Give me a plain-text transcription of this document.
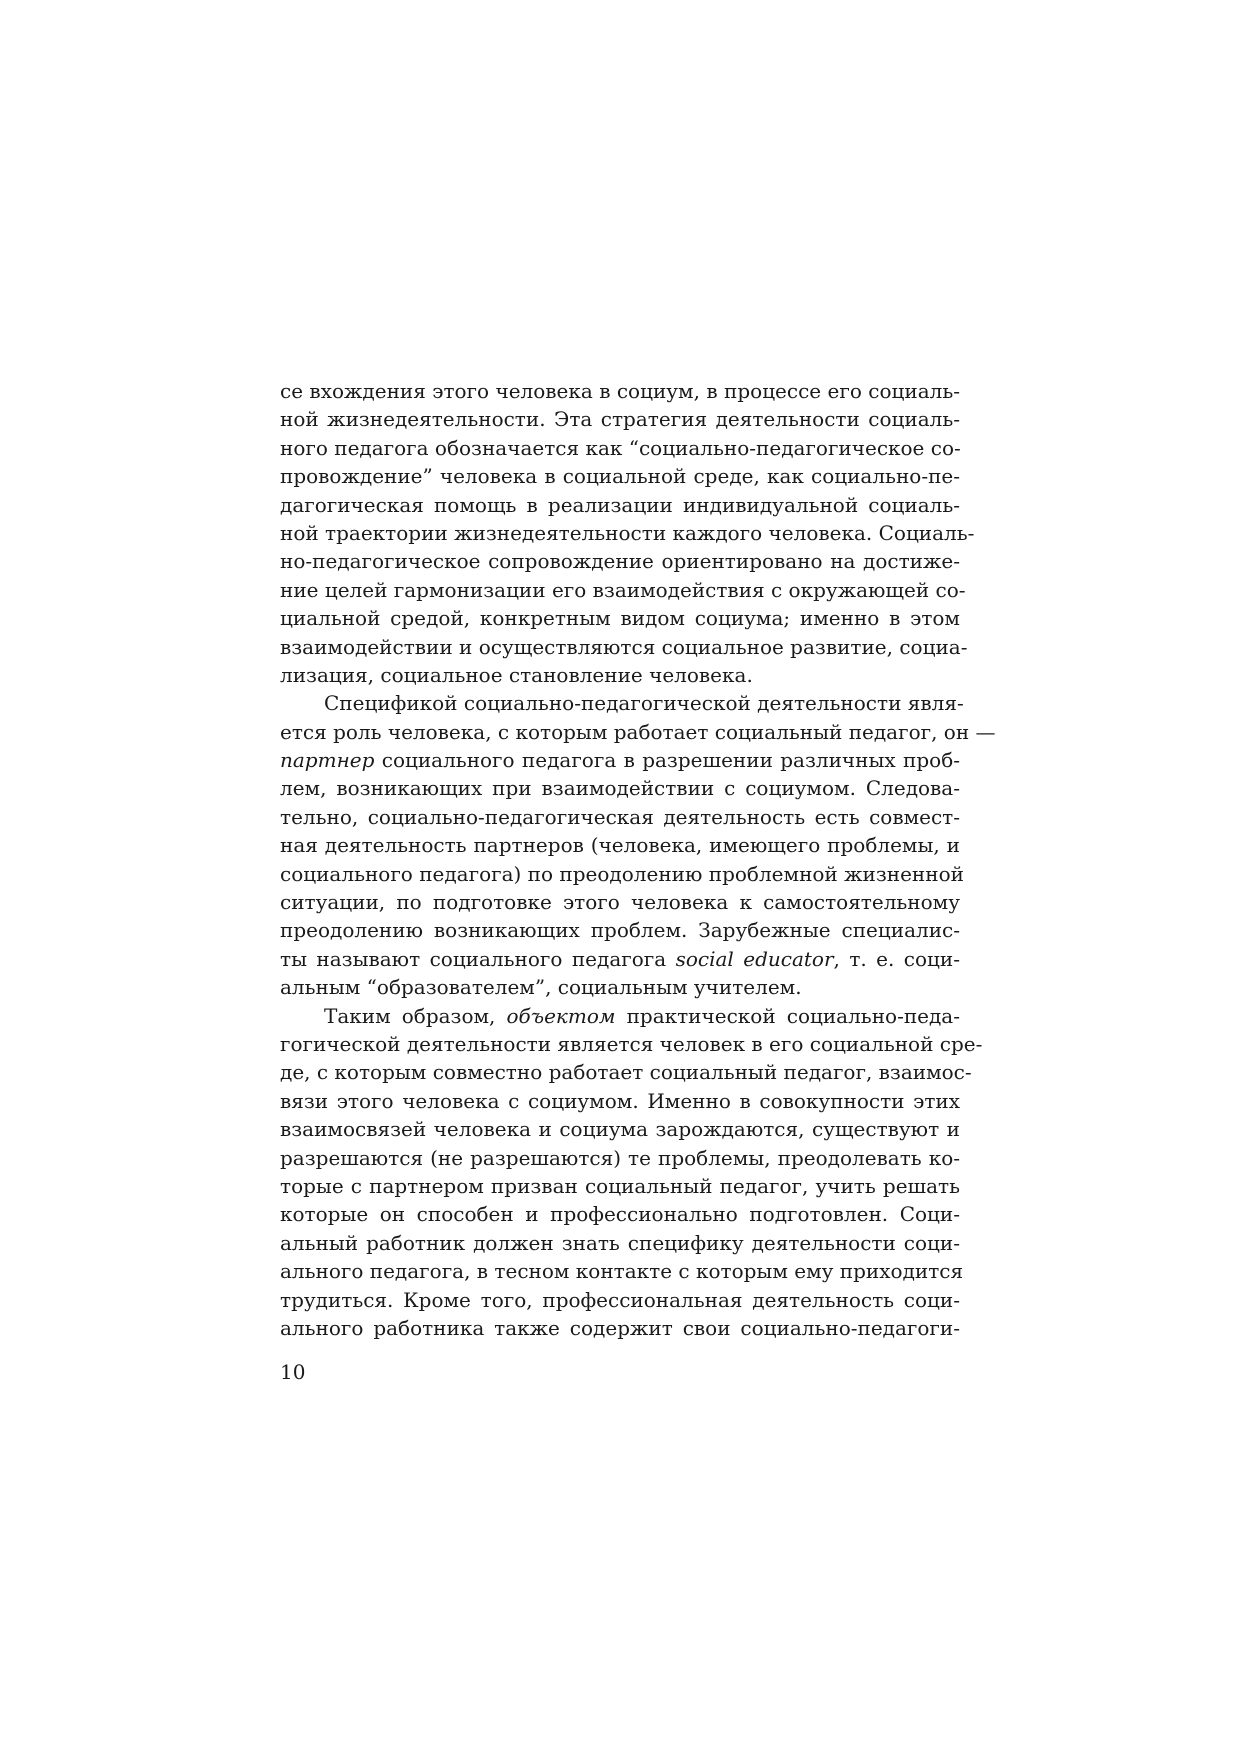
се вхождения этого человека в социум, в процессе его социаль-
ной жизнедеятельности. Эта стратегия деятельности социаль-
ного педагога обозначается как “социально-педагогическое со-
провождение” человека в социальной среде, как социально-пе-
дагогическая помощь в реализации индивидуальной социаль-
ной траектории жизнедеятельности каждого человека. Социаль-
но-педагогическое сопровождение ориентировано на достиже-
ние целей гармонизации его взаимодействия с окружающей со-
циальной средой, конкретным видом социума; именно в этом
взаимодействии и осуществляются социальное развитие, социа-
лизация, социальное становление человека.
Спецификой социально-педагогической деятельности явля-
ется роль человека, с которым работает социальный педагог, он —
партнер социального педагога в разрешении различных проб-
лем, возникающих при взаимодействии с социумом. Следова-
тельно, социально-педагогическая деятельность есть совмест-
ная деятельность партнеров (человека, имеющего проблемы, и
социального педагога) по преодолению проблемной жизненной
ситуации, по подготовке этого человека к самостоятельному
преодолению возникающих проблем. Зарубежные специалис-
ты называют социального педагога social educator, т. е. соци-
альным “образователем”, социальным учителем.
Таким образом, объектом практической социально-педа-
гогической деятельности является человек в его социальной сре-
де, с которым совместно работает социальный педагог, взаимос-
вязи этого человека с социумом. Именно в совокупности этих
взаимосвязей человека и социума зарождаются, существуют и
разрешаются (не разрешаются) те проблемы, преодолевать ко-
торые с партнером призван социальный педагог, учить решать
которые он способен и профессионально подготовлен. Соци-
альный работник должен знать специфику деятельности соци-
ального педагога, в тесном контакте с которым ему приходится
трудиться. Кроме того, профессиональная деятельность соци-
ального работника также содержит свои социально-педагоги-
10
